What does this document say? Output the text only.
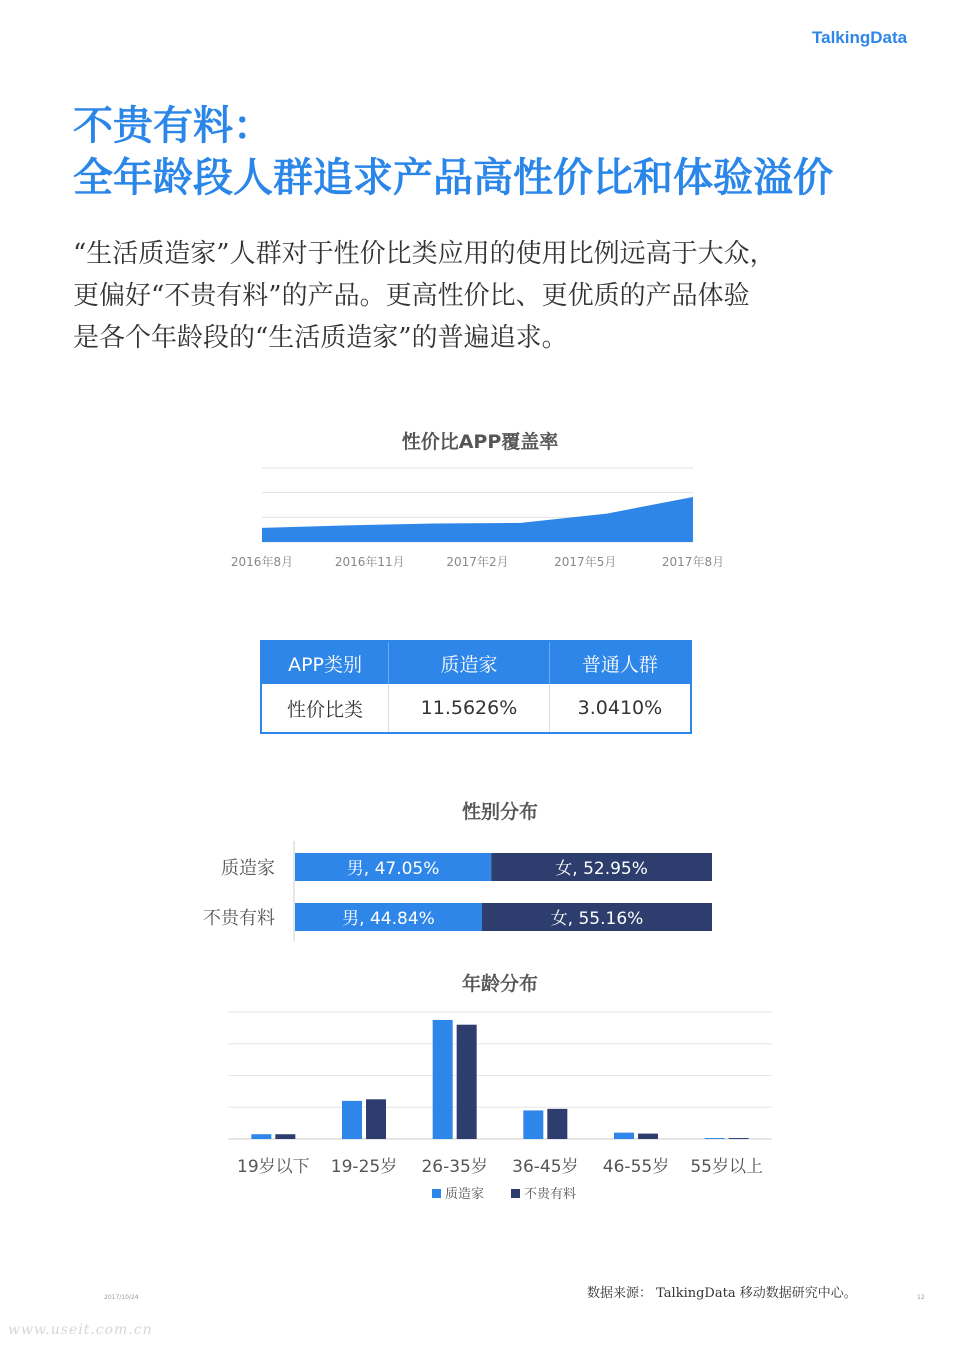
TalkingData
不贵有料：
全年龄段人群追求产品高性价比和体验溢价
“生活质造家”人群对于性价比类应用的使用比例远高于大众，
更偏好“不贵有料”的产品。更高性价比、更优质的产品体验
是各个年龄段的“生活质造家”的普遍追求。
性价比APP覆盖率
2016年8月	2016年11月	2017年2月	2017年5月	2017年8月
APP类别	质造家	普通人群
性价比类	11.5626%	3.0410%
性别分布
质造家	男, 47.05%	女, 52.95%
不贵有料	男, 44.84%	女, 55.16%
年龄分布
19岁以下 19-25岁 26-35岁 36-45岁 46-55岁 55岁以上
质造家	不贵有料
数据来源： TalkingData 移动数据研究中心。
2017/10/24	12
www.useit.com.cn
